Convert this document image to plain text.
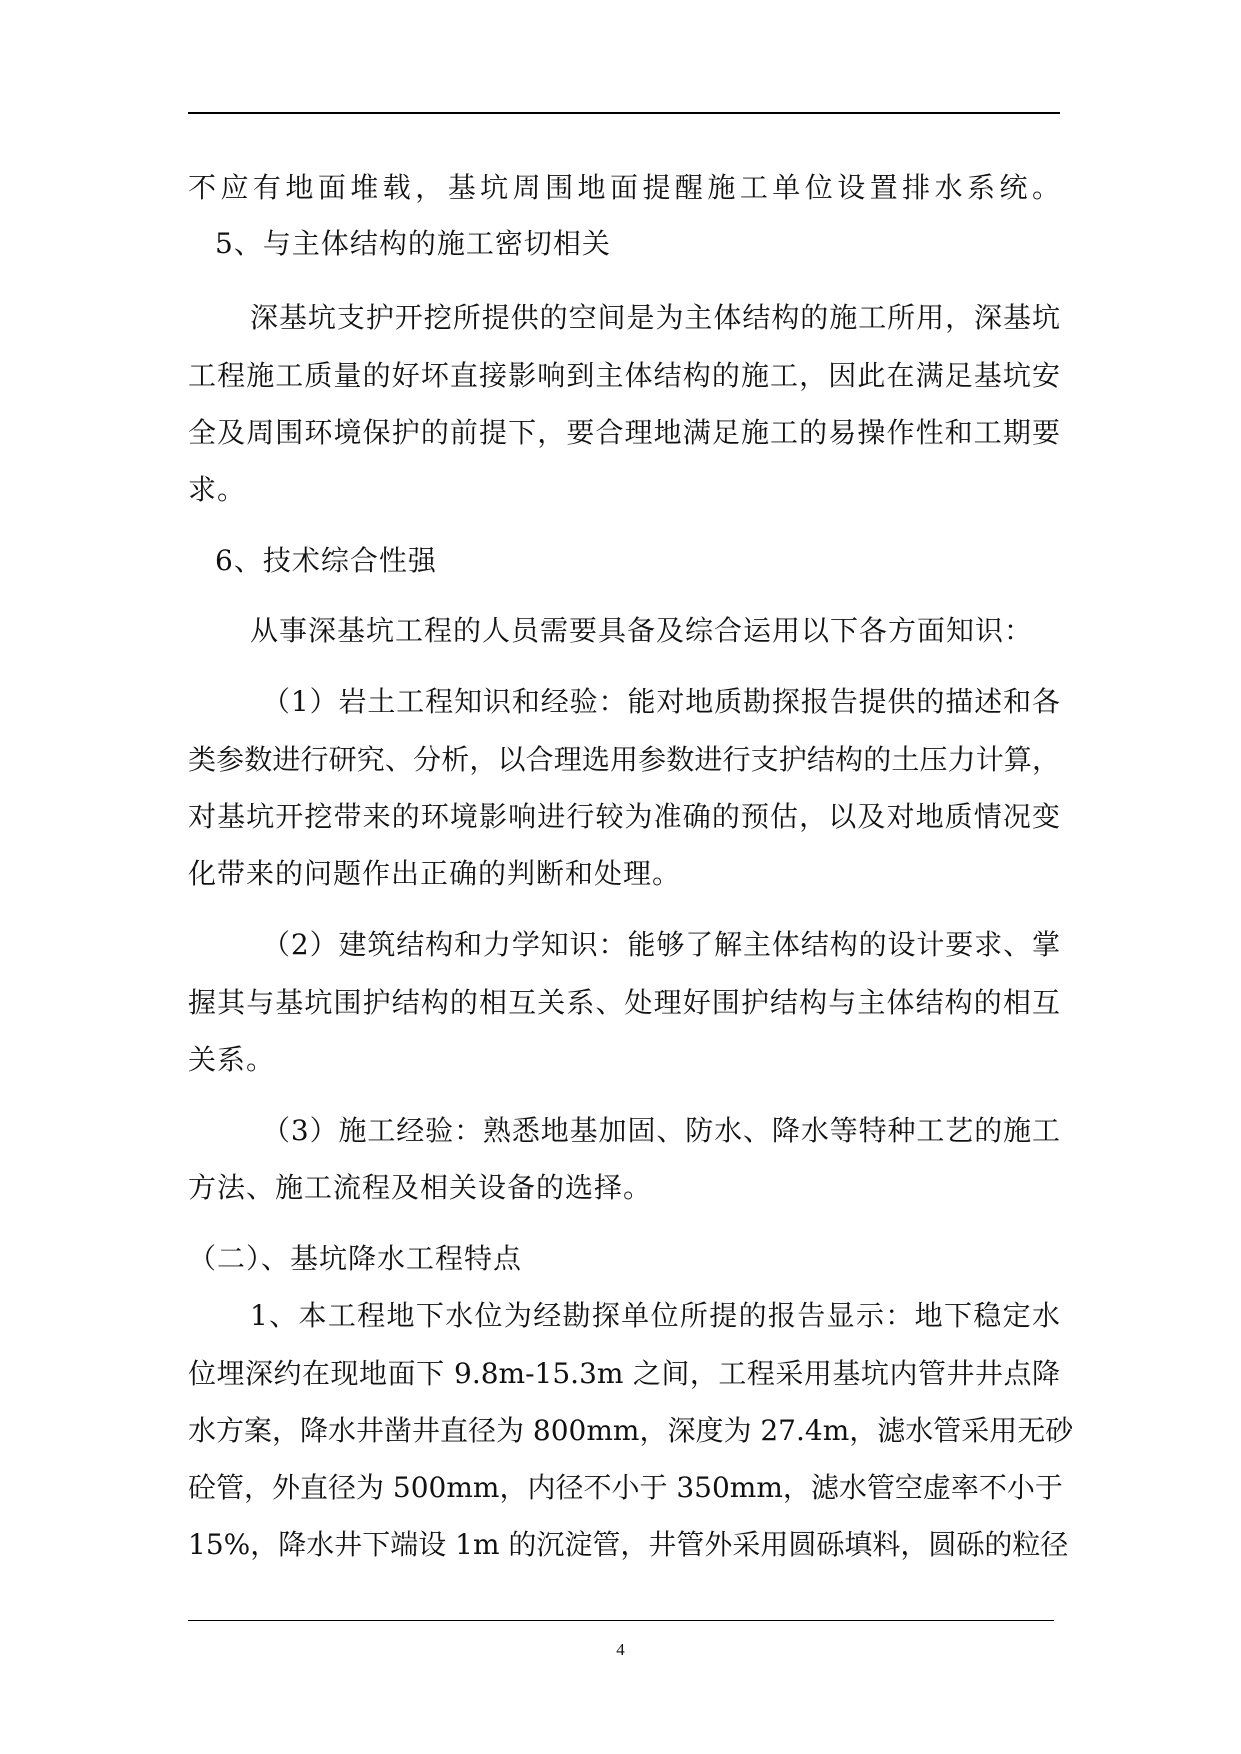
不应有地面堆载，基坑周围地面提醒施工单位设置排水系统。
5、与主体结构的施工密切相关
深基坑支护开挖所提供的空间是为主体结构的施工所用，深基坑
工程施工质量的好坏直接影响到主体结构的施工，因此在满足基坑安
全及周围环境保护的前提下，要合理地满足施工的易操作性和工期要
求。
6、技术综合性强
从事深基坑工程的人员需要具备及综合运用以下各方面知识：
（1）岩土工程知识和经验：能对地质勘探报告提供的描述和各
类参数进行研究、分析，以合理选用参数进行支护结构的土压力计算，
对基坑开挖带来的环境影响进行较为准确的预估，以及对地质情况变
化带来的问题作出正确的判断和处理。
（2）建筑结构和力学知识：能够了解主体结构的设计要求、掌
握其与基坑围护结构的相互关系、处理好围护结构与主体结构的相互
关系。
（3）施工经验：熟悉地基加固、防水、降水等特种工艺的施工
方法、施工流程及相关设备的选择。
（二）、基坑降水工程特点
1、本工程地下水位为经勘探单位所提的报告显示：地下稳定水
位埋深约在现地面下 9.8m-15.3m 之间，工程采用基坑内管井井点降
水方案，降水井凿井直径为 800mm，深度为 27.4m，滤水管采用无砂
砼管，外直径为 500mm，内径不小于 350mm，滤水管空虚率不小于
15%，降水井下端设 1m 的沉淀管，井管外采用圆砾填料，圆砾的粒径
4
